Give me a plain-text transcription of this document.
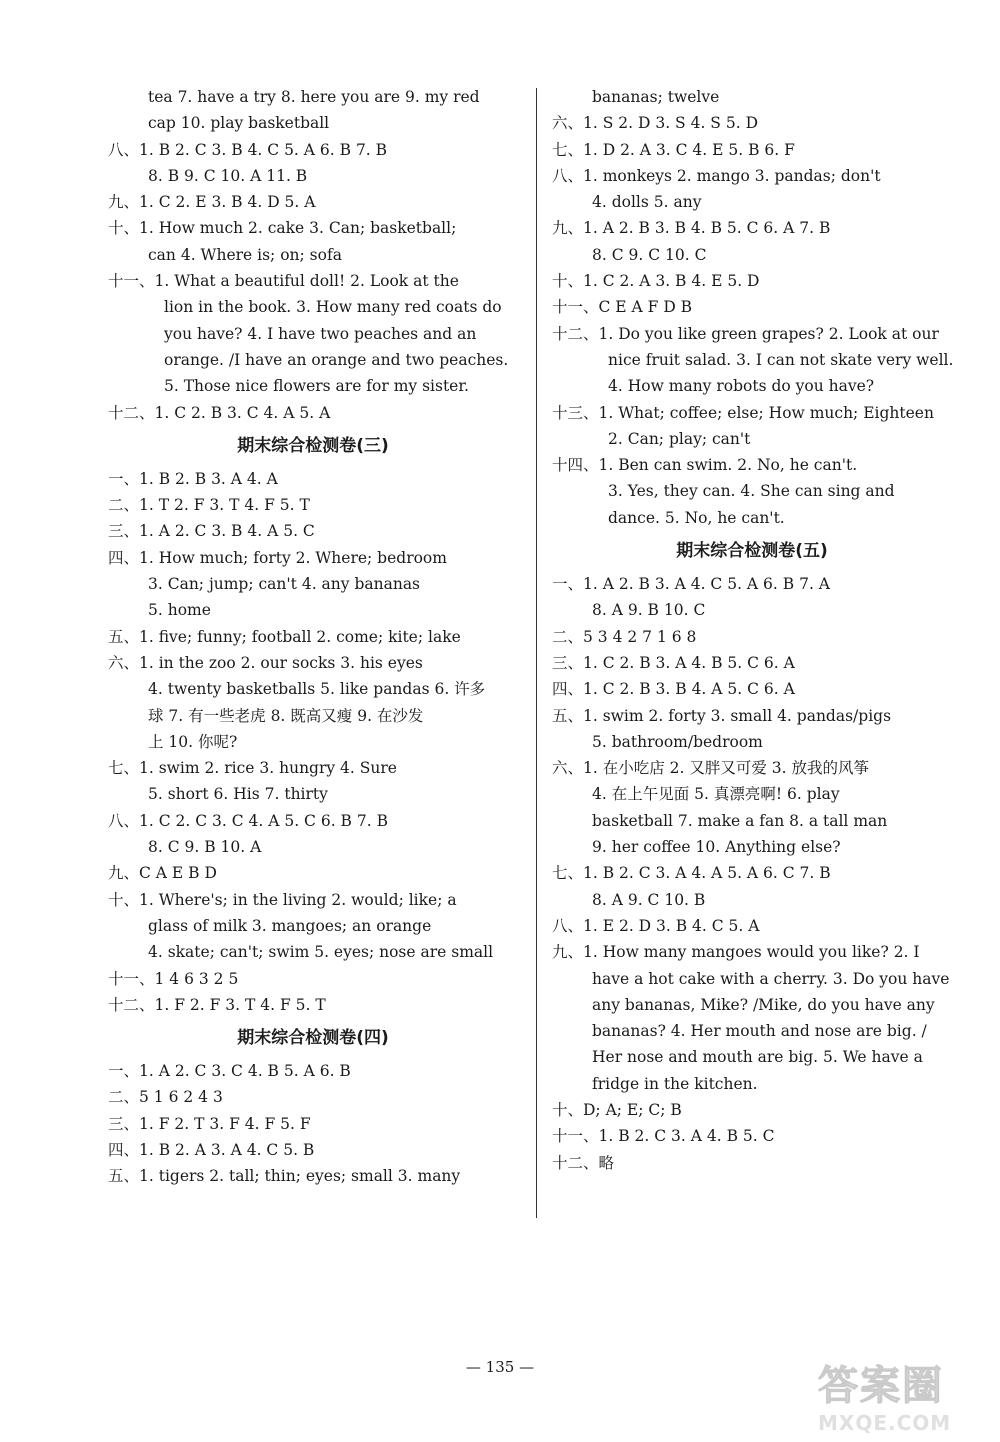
tea 7. have a try 8. here you are 9. my red
cap 10. play basketball
八、1. B 2. C 3. B 4. C 5. A 6. B 7. B
8. B 9. C 10. A 11. B
九、1. C 2. E 3. B 4. D 5. A
十、1. How much 2. cake 3. Can; basketball;
can 4. Where is; on; sofa
十一、1. What a beautiful doll! 2. Look at the
lion in the book. 3. How many red coats do
you have? 4. I have two peaches and an
orange. /I have an orange and two peaches.
5. Those nice flowers are for my sister.
十二、1. C 2. B 3. C 4. A 5. A
期末综合检测卷(三)
一、1. B 2. B 3. A 4. A
二、1. T 2. F 3. T 4. F 5. T
三、1. A 2. C 3. B 4. A 5. C
四、1. How much; forty 2. Where; bedroom
3. Can; jump; can't 4. any bananas
5. home
五、1. five; funny; football 2. come; kite; lake
六、1. in the zoo 2. our socks 3. his eyes
4. twenty basketballs 5. like pandas 6. 许多
球 7. 有一些老虎 8. 既高又瘦 9. 在沙发
上 10. 你呢?
七、1. swim 2. rice 3. hungry 4. Sure
5. short 6. His 7. thirty
八、1. C 2. C 3. C 4. A 5. C 6. B 7. B
8. C 9. B 10. A
九、C A E B D
十、1. Where's; in the living 2. would; like; a
glass of milk 3. mangoes; an orange
4. skate; can't; swim 5. eyes; nose are small
十一、1 4 6 3 2 5
十二、1. F 2. F 3. T 4. F 5. T
期末综合检测卷(四)
一、1. A 2. C 3. C 4. B 5. A 6. B
二、5 1 6 2 4 3
三、1. F 2. T 3. F 4. F 5. F
四、1. B 2. A 3. A 4. C 5. B
五、1. tigers 2. tall; thin; eyes; small 3. many
bananas; twelve
六、1. S 2. D 3. S 4. S 5. D
七、1. D 2. A 3. C 4. E 5. B 6. F
八、1. monkeys 2. mango 3. pandas; don't
4. dolls 5. any
九、1. A 2. B 3. B 4. B 5. C 6. A 7. B
8. C 9. C 10. C
十、1. C 2. A 3. B 4. E 5. D
十一、C E A F D B
十二、1. Do you like green grapes? 2. Look at our
nice fruit salad. 3. I can not skate very well.
4. How many robots do you have?
十三、1. What; coffee; else; How much; Eighteen
2. Can; play; can't
十四、1. Ben can swim. 2. No, he can't.
3. Yes, they can. 4. She can sing and
dance. 5. No, he can't.
期末综合检测卷(五)
一、1. A 2. B 3. A 4. C 5. A 6. B 7. A
8. A 9. B 10. C
二、5 3 4 2 7 1 6 8
三、1. C 2. B 3. A 4. B 5. C 6. A
四、1. C 2. B 3. B 4. A 5. C 6. A
五、1. swim 2. forty 3. small 4. pandas/pigs
5. bathroom/bedroom
六、1. 在小吃店 2. 又胖又可爱 3. 放我的风筝
4. 在上午见面 5. 真漂亮啊! 6. play
basketball 7. make a fan 8. a tall man
9. her coffee 10. Anything else?
七、1. B 2. C 3. A 4. A 5. A 6. C 7. B
8. A 9. C 10. B
八、1. E 2. D 3. B 4. C 5. A
九、1. How many mangoes would you like? 2. I
have a hot cake with a cherry. 3. Do you have
any bananas, Mike? /Mike, do you have any
bananas? 4. Her mouth and nose are big. /
Her nose and mouth are big. 5. We have a
fridge in the kitchen.
十、D; A; E; C; B
十一、1. B 2. C 3. A 4. B 5. C
十二、略
— 135 —	答案圈
MXQE.COM
